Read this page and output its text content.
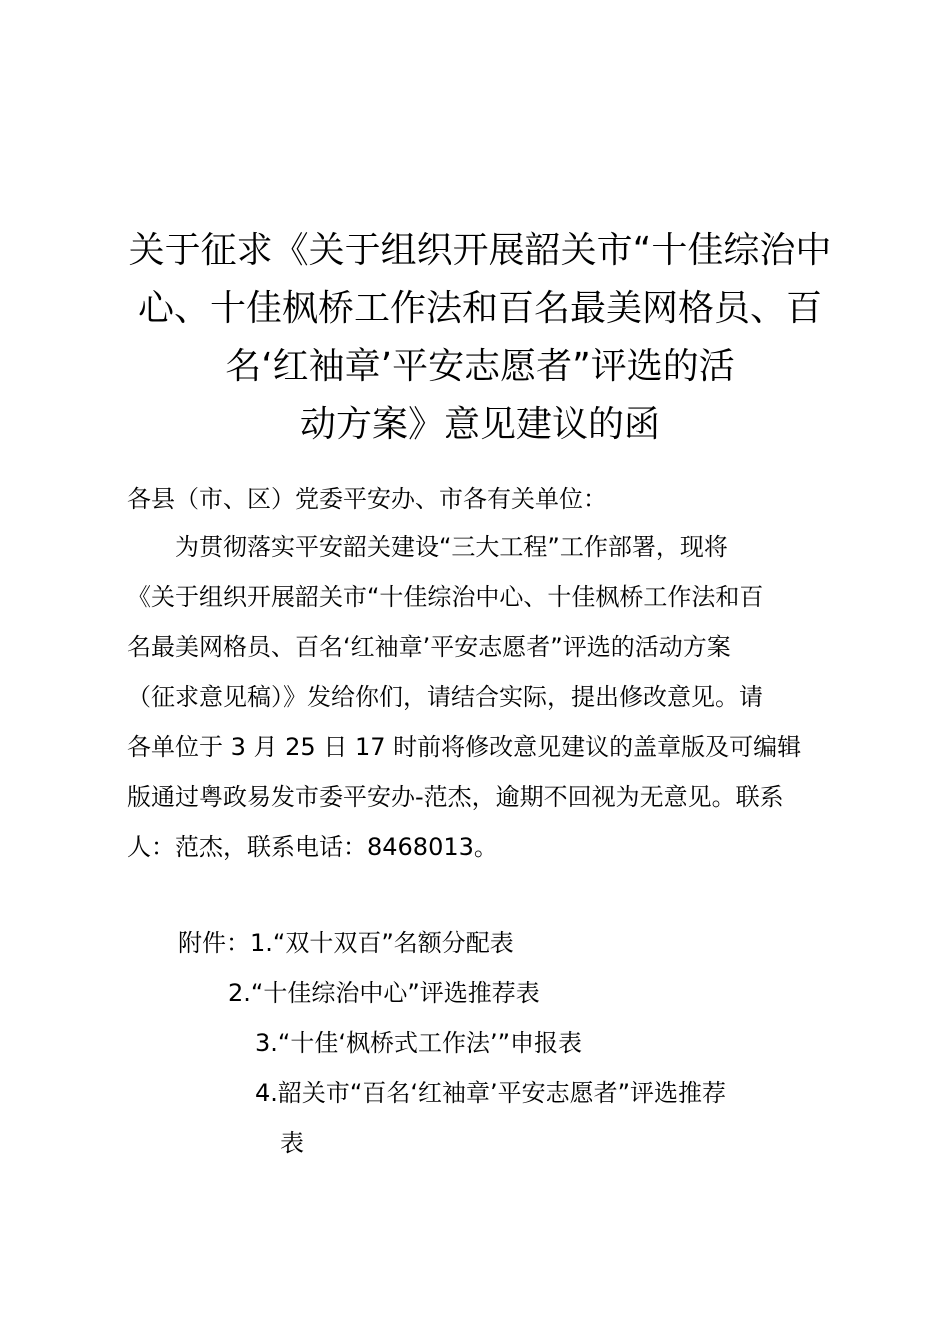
关于征求《关于组织开展韶关市“十佳综治中
心、十佳枫桥工作法和百名最美网格员、百
名‘红袖章’平安志愿者”评选的活
动方案》意见建议的函
各县（市、区）党委平安办、市各有关单位：
　　为贯彻落实平安韶关建设“三大工程”工作部署，现将
《关于组织开展韶关市“十佳综治中心、十佳枫桥工作法和百
名最美网格员、百名‘红袖章’平安志愿者”评选的活动方案
（征求意见稿）》发给你们，请结合实际，提出修改意见。请
各单位于 3 月 25 日 17 时前将修改意见建议的盖章版及可编辑
版通过粤政易发市委平安办-范杰，逾期不回视为无意见。联系
人：范杰，联系电话：8468013。
附件：1.“双十双百”名额分配表
2.“十佳综治中心”评选推荐表
3.“十佳‘枫桥式工作法’”申报表
4.韶关市“百名‘红袖章’平安志愿者”评选推荐
表
